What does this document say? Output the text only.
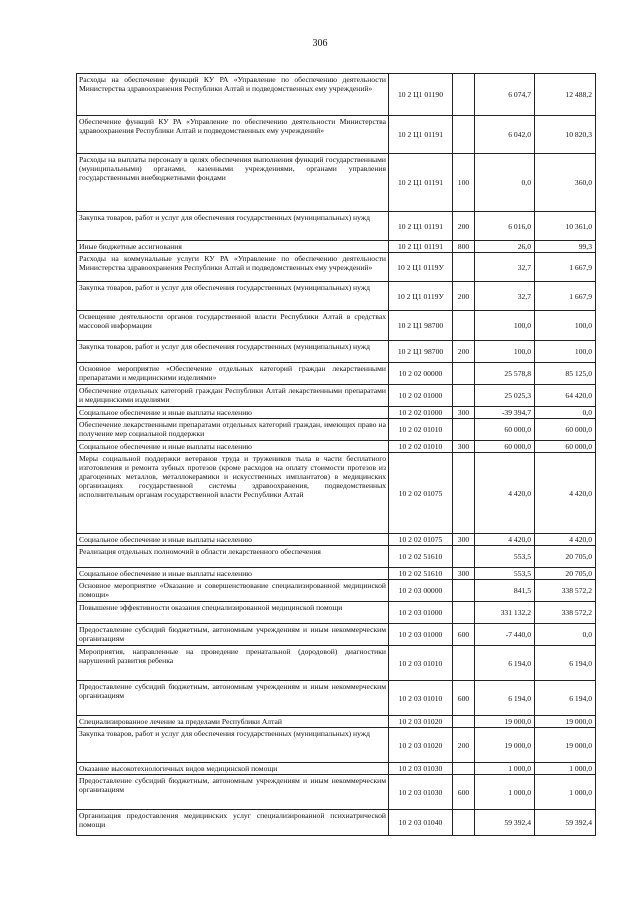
306
Расходы на обеспечение функций КУ РА «Управление по обеспечению деятельности Министерства здравоохранения Республики Алтай и подведомственных ему учреждений»	10 2 Ц1 01190		6 074,7	12 488,2
Обеспечение функций КУ РА «Управление по обеспечению деятельности Министерства здравоохранения Республики Алтай и подведомственных ему учреждений»	10 2 Ц1 01191		6 042,0	10 820,3
Расходы на выплаты персоналу в целях обеспечения выполнения функций государственными (муниципальными) органами, казенными учреждениями, органами управления государственными внебюджетными фондами	10 2 Ц1 01191	100	0,0	360,0
Закупка товаров, работ и услуг для обеспечения государственных (муниципальных) нужд	10 2 Ц1 01191	200	6 016,0	10 361,0
Иные бюджетные ассигнования	10 2 Ц1 01191	800	26,0	99,3
Расходы на коммунальные услуги КУ РА «Управление по обеспечению деятельности Министерства здравоохранения Республики Алтай и подведомственных ему учреждений»	10 2 Ц1 0119У		32,7	1 667,9
Закупка товаров, работ и услуг для обеспечения государственных (муниципальных) нужд	10 2 Ц1 0119У	200	32,7	1 667,9
Освещение деятельности органов государственной власти Республики Алтай в средствах массовой информации	10 2 Ц1 98700		100,0	100,0
Закупка товаров, работ и услуг для обеспечения государственных (муниципальных) нужд	10 2 Ц1 98700	200	100,0	100,0
Основное мероприятие «Обеспечение отдельных категорий граждан лекарственными препаратами и медицинскими изделиями»	10 2 02 00000		25 578,8	85 125,0
Обеспечение отдельных категорий граждан Республики Алтай лекарственными препаратами и медицинскими изделиями	10 2 02 01000		25 025,3	64 420,0
Социальное обеспечение и иные выплаты населению	10 2 02 01000	300	-39 394,7	0,0
Обеспечение лекарственными препаратами отдельных категорий граждан, имеющих право на получение мер социальной поддержки	10 2 02 01010		60 000,0	60 000,0
Социальное обеспечение и иные выплаты населению	10 2 02 01010	300	60 000,0	60 000,0
Меры социальной поддержки ветеранов труда и тружеников тыла в части бесплатного изготовления и ремонта зубных протезов (кроме расходов на оплату стоимости протезов из драгоценных металлов, металлокерамики и искусственных имплантатов) в медицинских организациях государственной системы здравоохранения, подведомственных исполнительным органам государственной власти Республики Алтай	10 2 02 01075		4 420,0	4 420,0
Социальное обеспечение и иные выплаты населению	10 2 02 01075	300	4 420,0	4 420,0
Реализация отдельных полномочий в области лекарственного обеспечения	10 2 02 51610		553,5	20 705,0
Социальное обеспечение и иные выплаты населению	10 2 02 51610	300	553,5	20 705,0
Основное мероприятие «Оказание и совершенствование специализированной медицинской помощи»	10 2 03 00000		841,5	338 572,2
Повышение эффективности оказания специализированной медицинской помощи	10 2 03 01000		331 132,2	338 572,2
Предоставление субсидий бюджетным, автономным учреждениям и иным некоммерческим организациям	10 2 03 01000	600	-7 440,0	0,0
Мероприятия, направленные на проведение пренатальной (дородовой) диагностики нарушений развития ребенка	10 2 03 01010		6 194,0	6 194,0
Предоставление субсидий бюджетным, автономным учреждениям и иным некоммерческим организациям	10 2 03 01010	600	6 194,0	6 194,0
Специализированное лечение за пределами Республики Алтай	10 2 03 01020		19 000,0	19 000,0
Закупка товаров, работ и услуг для обеспечения государственных (муниципальных) нужд	10 2 03 01020	200	19 000,0	19 000,0
Оказание высокотехнологичных видов медицинской помощи	10 2 03 01030		1 000,0	1 000,0
Предоставление субсидий бюджетным, автономным учреждениям и иным некоммерческим организациям	10 2 03 01030	600	1 000,0	1 000,0
Организация предоставления медицинских услуг специализированной психиатрической помощи	10 2 03 01040		59 392,4	59 392,4
